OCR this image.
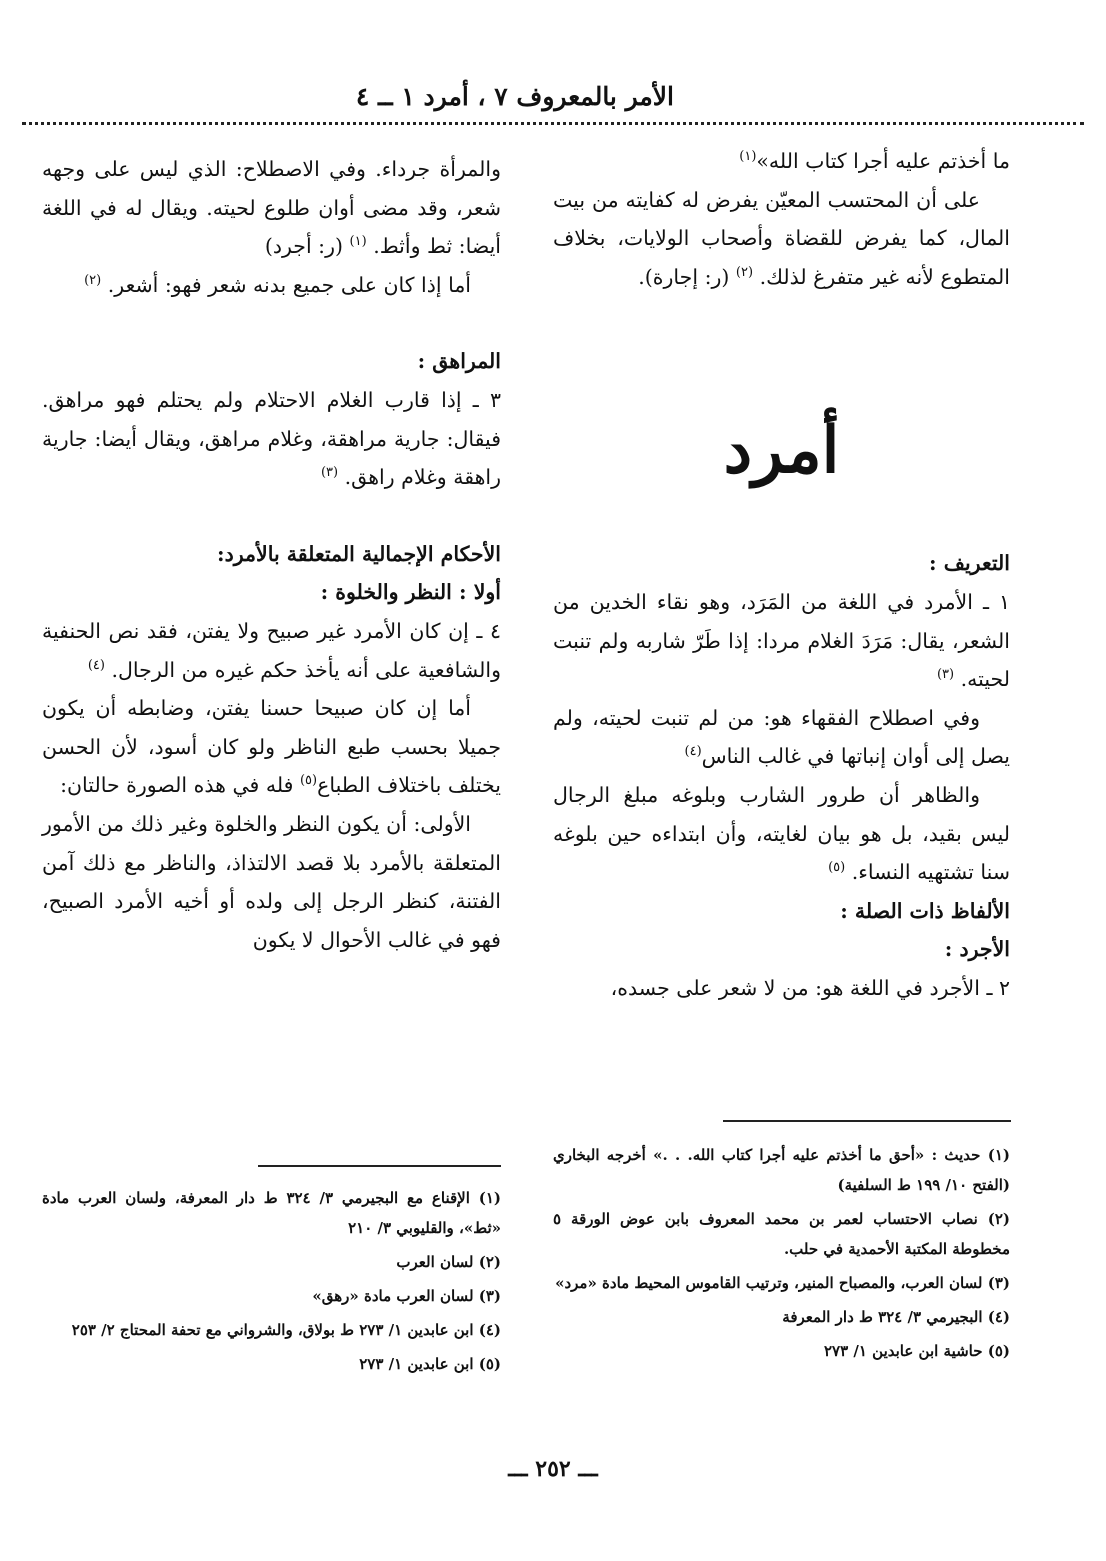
الأمر بالمعروف ٧ ، أمرد ١ ــ ٤

ما أخذتم عليه أجرا كتاب الله»$^{(١)}$

على أن المحتسب المعيّن يفرض له كفايته من بيت المال، كما يفرض للقضاة وأصحاب الولايات، بخلاف المتطوع لأنه غير متفرغ لذلك. $^{(٢)}$ (ر: إجارة).

أمرد

التعريف :

١ ـ الأمرد في اللغة من المَرَد، وهو نقاء الخدين من الشعر، يقال: مَرَدَ الغلام مردا: إذا طَرّ شاربه ولم تنبت لحيته. $^{(٣)}$

وفي اصطلاح الفقهاء هو: من لم تنبت لحيته، ولم يصل إلى أوان إنباتها في غالب الناس$^{(٤)}$

والظاهر أن طرور الشارب وبلوغه مبلغ الرجال ليس بقيد، بل هو بيان لغايته، وأن ابتداءه حين بلوغه سنا تشتهيه النساء. $^{(٥)}$

الألفاظ ذات الصلة :

الأجرد :

٢ ـ الأجرد في اللغة هو: من لا شعر على جسده،

والمرأة جرداء. وفي الاصطلاح: الذي ليس على وجهه شعر، وقد مضى أوان طلوع لحيته. ويقال له في اللغة أيضا: ثط وأثط. $^{(١)}$ (ر: أجرد)

أما إذا كان على جميع بدنه شعر فهو: أشعر. $^{(٢)}$

المراهق :

٣ ـ إذا قارب الغلام الاحتلام ولم يحتلم فهو مراهق. فيقال: جارية مراهقة، وغلام مراهق، ويقال أيضا: جارية راهقة وغلام راهق. $^{(٣)}$

الأحكام الإجمالية المتعلقة بالأمرد:

أولا : النظر والخلوة :

٤ ـ إن كان الأمرد غير صبيح ولا يفتن، فقد نص الحنفية والشافعية على أنه يأخذ حكم غيره من الرجال. $^{(٤)}$

أما إن كان صبيحا حسنا يفتن، وضابطه أن يكون جميلا بحسب طبع الناظر ولو كان أسود، لأن الحسن يختلف باختلاف الطباع$^{(٥)}$ فله في هذه الصورة حالتان:

الأولى: أن يكون النظر والخلوة وغير ذلك من الأمور المتعلقة بالأمرد بلا قصد الالتذاذ، والناظر مع ذلك آمن الفتنة، كنظر الرجل إلى ولده أو أخيه الأمرد الصبيح، فهو في غالب الأحوال لا يكون

(١) حديث : «أحق ما أخذتم عليه أجرا كتاب الله. . .» أخرجه البخاري (الفتح ١٠/ ١٩٩ ط السلفية)

(٢) نصاب الاحتساب لعمر بن محمد المعروف بابن عوض الورقة ٥ مخطوطة المكتبة الأحمدية في حلب.

(٣) لسان العرب، والمصباح المنير، وترتيب القاموس المحيط مادة «مرد»

(٤) البجيرمي ٣/ ٣٢٤ ط دار المعرفة

(٥) حاشية ابن عابدين ١/ ٢٧٣

(١) الإقناع مع البجيرمي ٣/ ٣٢٤ ط دار المعرفة، ولسان العرب مادة «ثط»، والقليوبي ٣/ ٢١٠

(٢) لسان العرب

(٣) لسان العرب مادة «رهق»

(٤) ابن عابدين ١/ ٢٧٣ ط بولاق، والشرواني مع تحفة المحتاج ٢/ ٢٥٣

(٥) ابن عابدين ١/ ٢٧٣

ـــ ٢٥٢ ـــ
